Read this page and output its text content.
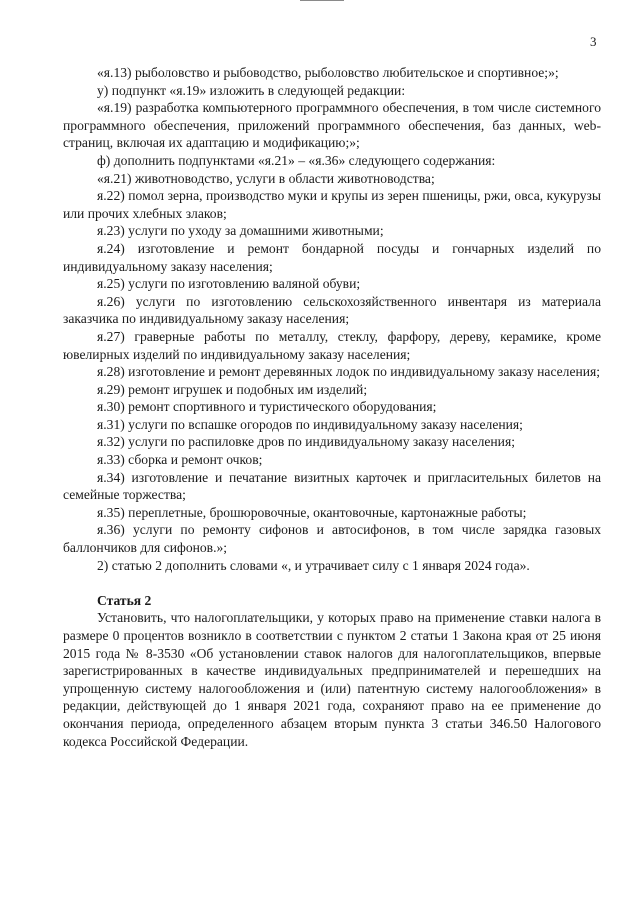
3

«я.13) рыболовство и рыбоводство, рыболовство любительское и спортивное;»;

у) подпункт «я.19» изложить в следующей редакции:

«я.19) разработка компьютерного программного обеспечения, в том числе системного программного обеспечения, приложений программного обеспечения, баз данных, web-страниц, включая их адаптацию и модификацию;»;

ф) дополнить подпунктами «я.21» – «я.36» следующего содержания:

«я.21) животноводство, услуги в области животноводства;

я.22) помол зерна, производство муки и крупы из зерен пшеницы, ржи, овса, кукурузы или прочих хлебных злаков;

я.23) услуги по уходу за домашними животными;

я.24) изготовление и ремонт бондарной посуды и гончарных изделий по индивидуальному заказу населения;

я.25) услуги по изготовлению валяной обуви;

я.26) услуги по изготовлению сельскохозяйственного инвентаря из материала заказчика по индивидуальному заказу населения;

я.27) граверные работы по металлу, стеклу, фарфору, дереву, керамике, кроме ювелирных изделий по индивидуальному заказу населения;

я.28) изготовление и ремонт деревянных лодок по индивидуальному заказу населения;

я.29) ремонт игрушек и подобных им изделий;

я.30) ремонт спортивного и туристического оборудования;

я.31) услуги по вспашке огородов по индивидуальному заказу населения;

я.32) услуги по распиловке дров по индивидуальному заказу населения;

я.33) сборка и ремонт очков;

я.34) изготовление и печатание визитных карточек и пригласительных билетов на семейные торжества;

я.35) переплетные, брошюровочные, окантовочные, картонажные работы;

я.36) услуги по ремонту сифонов и автосифонов, в том числе зарядка газовых баллончиков для сифонов.»;

2) статью 2 дополнить словами «, и утрачивает силу с 1 января 2024 года».

Статья 2

Установить, что налогоплательщики, у которых право на применение ставки налога в размере 0 процентов возникло в соответствии с пунктом 2 статьи 1 Закона края от 25 июня 2015 года № 8-3530 «Об установлении ставок налогов для налогоплательщиков, впервые зарегистрированных в качестве индивидуальных предпринимателей и перешедших на упрощенную систему налогообложения и (или) патентную систему налогообложения» в редакции, действующей до 1 января 2021 года, сохраняют право на ее применение до окончания периода, определенного абзацем вторым пункта 3 статьи 346.50 Налогового кодекса Российской Федерации.
